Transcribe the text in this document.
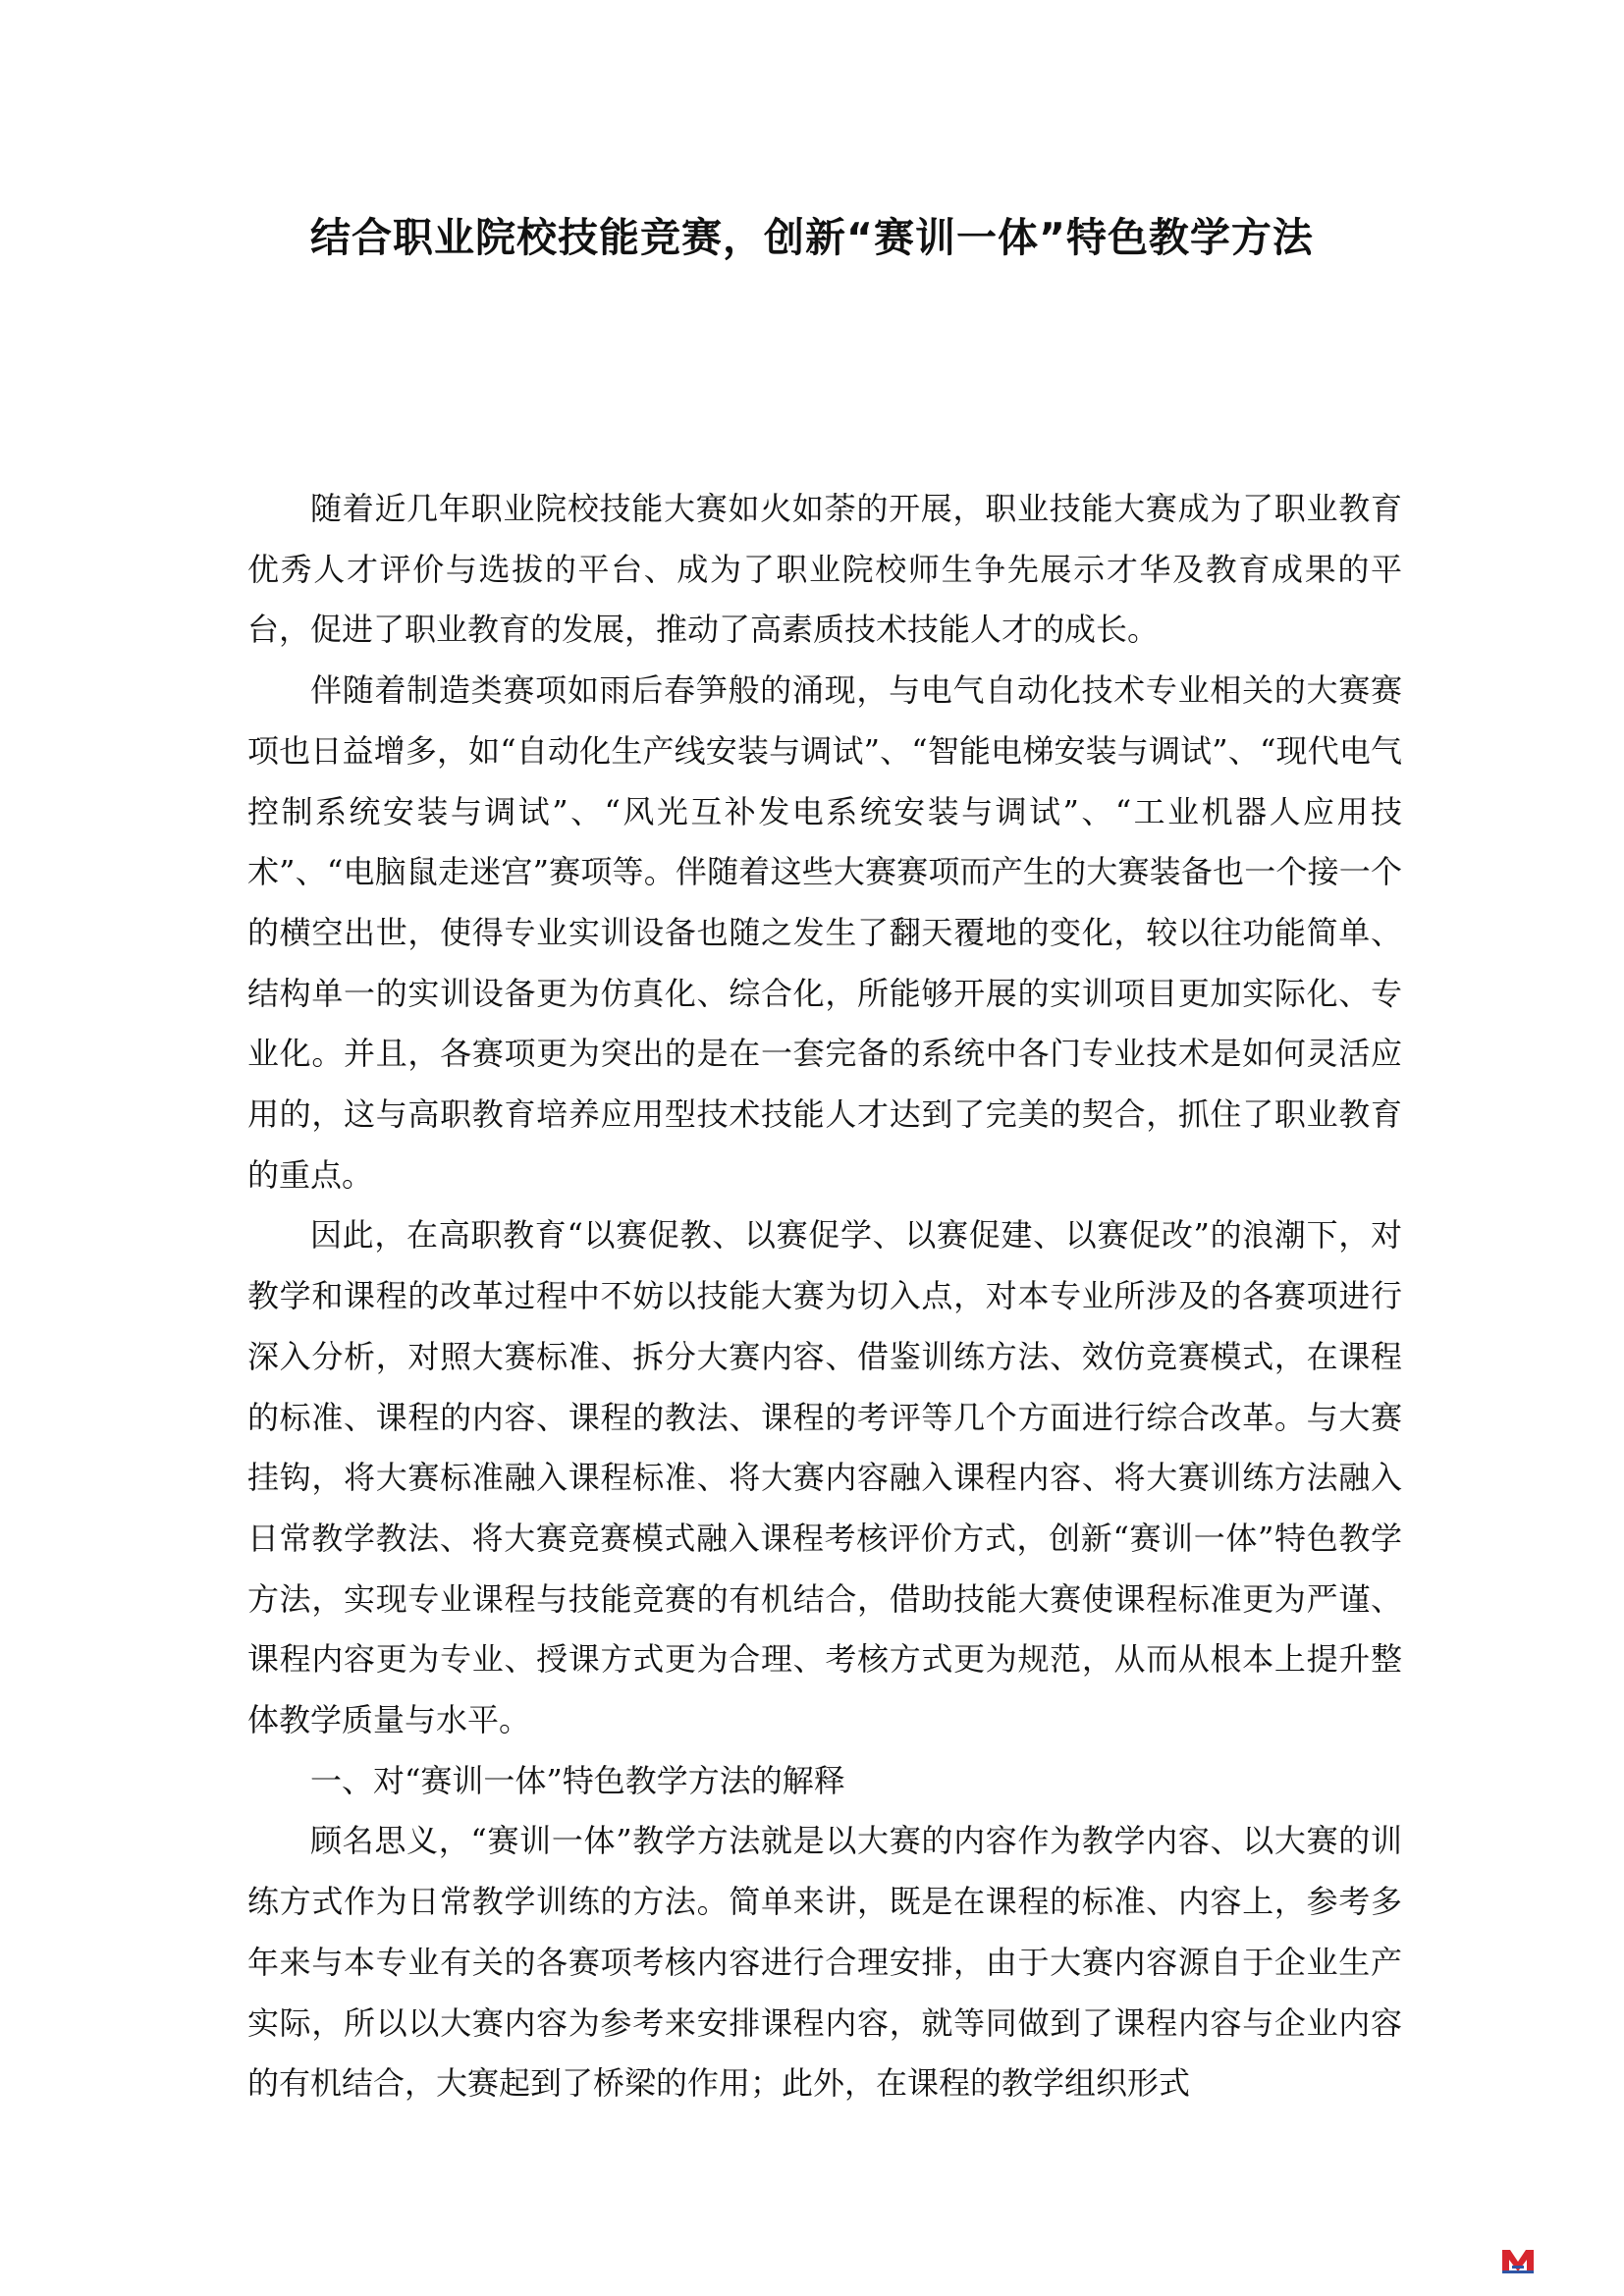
结合职业院校技能竞赛，创新“赛训一体”特色教学方法

随着近几年职业院校技能大赛如火如荼的开展，职业技能大赛成为了职业教育优秀人才评价与选拔的平台、成为了职业院校师生争先展示才华及教育成果的平台，促进了职业教育的发展，推动了高素质技术技能人才的成长。

伴随着制造类赛项如雨后春笋般的涌现，与电气自动化技术专业相关的大赛赛项也日益增多，如“自动化生产线安装与调试”、“智能电梯安装与调试”、“现代电气控制系统安装与调试”、“风光互补发电系统安装与调试”、“工业机器人应用技术”、“电脑鼠走迷宫”赛项等。伴随着这些大赛赛项而产生的大赛装备也一个接一个的横空出世，使得专业实训设备也随之发生了翻天覆地的变化，较以往功能简单、结构单一的实训设备更为仿真化、综合化，所能够开展的实训项目更加实际化、专业化。并且，各赛项更为突出的是在一套完备的系统中各门专业技术是如何灵活应用的，这与高职教育培养应用型技术技能人才达到了完美的契合，抓住了职业教育的重点。

因此，在高职教育“以赛促教、以赛促学、以赛促建、以赛促改”的浪潮下，对教学和课程的改革过程中不妨以技能大赛为切入点，对本专业所涉及的各赛项进行深入分析，对照大赛标准、拆分大赛内容、借鉴训练方法、效仿竞赛模式，在课程的标准、课程的内容、课程的教法、课程的考评等几个方面进行综合改革。与大赛挂钩，将大赛标准融入课程标准、将大赛内容融入课程内容、将大赛训练方法融入日常教学教法、将大赛竞赛模式融入课程考核评价方式，创新“赛训一体”特色教学方法，实现专业课程与技能竞赛的有机结合，借助技能大赛使课程标准更为严谨、课程内容更为专业、授课方式更为合理、考核方式更为规范，从而从根本上提升整体教学质量与水平。

一、对“赛训一体”特色教学方法的解释

顾名思义，“赛训一体”教学方法就是以大赛的内容作为教学内容、以大赛的训练方式作为日常教学训练的方法。简单来讲，既是在课程的标准、内容上，参考多年来与本专业有关的各赛项考核内容进行合理安排，由于大赛内容源自于企业生产实际，所以以大赛内容为参考来安排课程内容，就等同做到了课程内容与企业内容的有机结合，大赛起到了桥梁的作用；此外，在课程的教学组织形式
